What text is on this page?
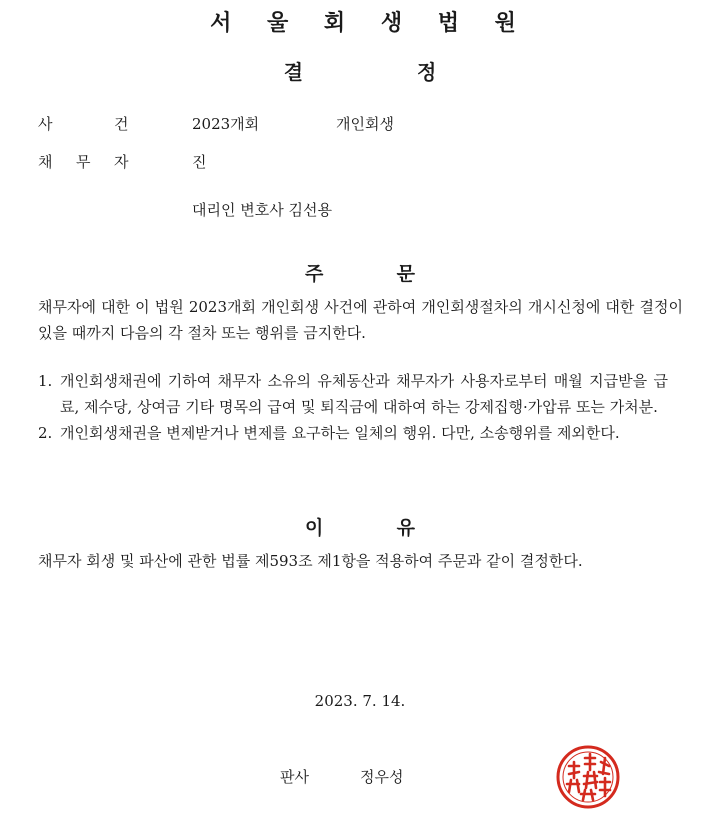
서 울 회 생 법 원
결	정
사	건	2023개회	개인회생
채 무 자	진
대리인 변호사 김선용
주	문
채무자에 대한 이 법원 2023개회 개인회생 사건에 관하여 개인회생절차의 개시신청에 대한 결정이 있을 때까지 다음의 각 절차 또는 행위를 금지한다.
1. 개인회생채권에 기하여 채무자 소유의 유체동산과 채무자가 사용자로부터 매월 지급받을 급료, 제수당, 상여금 기타 명목의 급여 및 퇴직금에 대하여 하는 강제집행·가압류 또는 가처분.
2. 개인회생채권을 변제받거나 변제를 요구하는 일체의 행위. 다만, 소송행위를 제외한다.
이	유
채무자 회생 및 파산에 관한 법률 제593조 제1항을 적용하여 주문과 같이 결정한다.
2023. 7. 14.
판사	정우성
